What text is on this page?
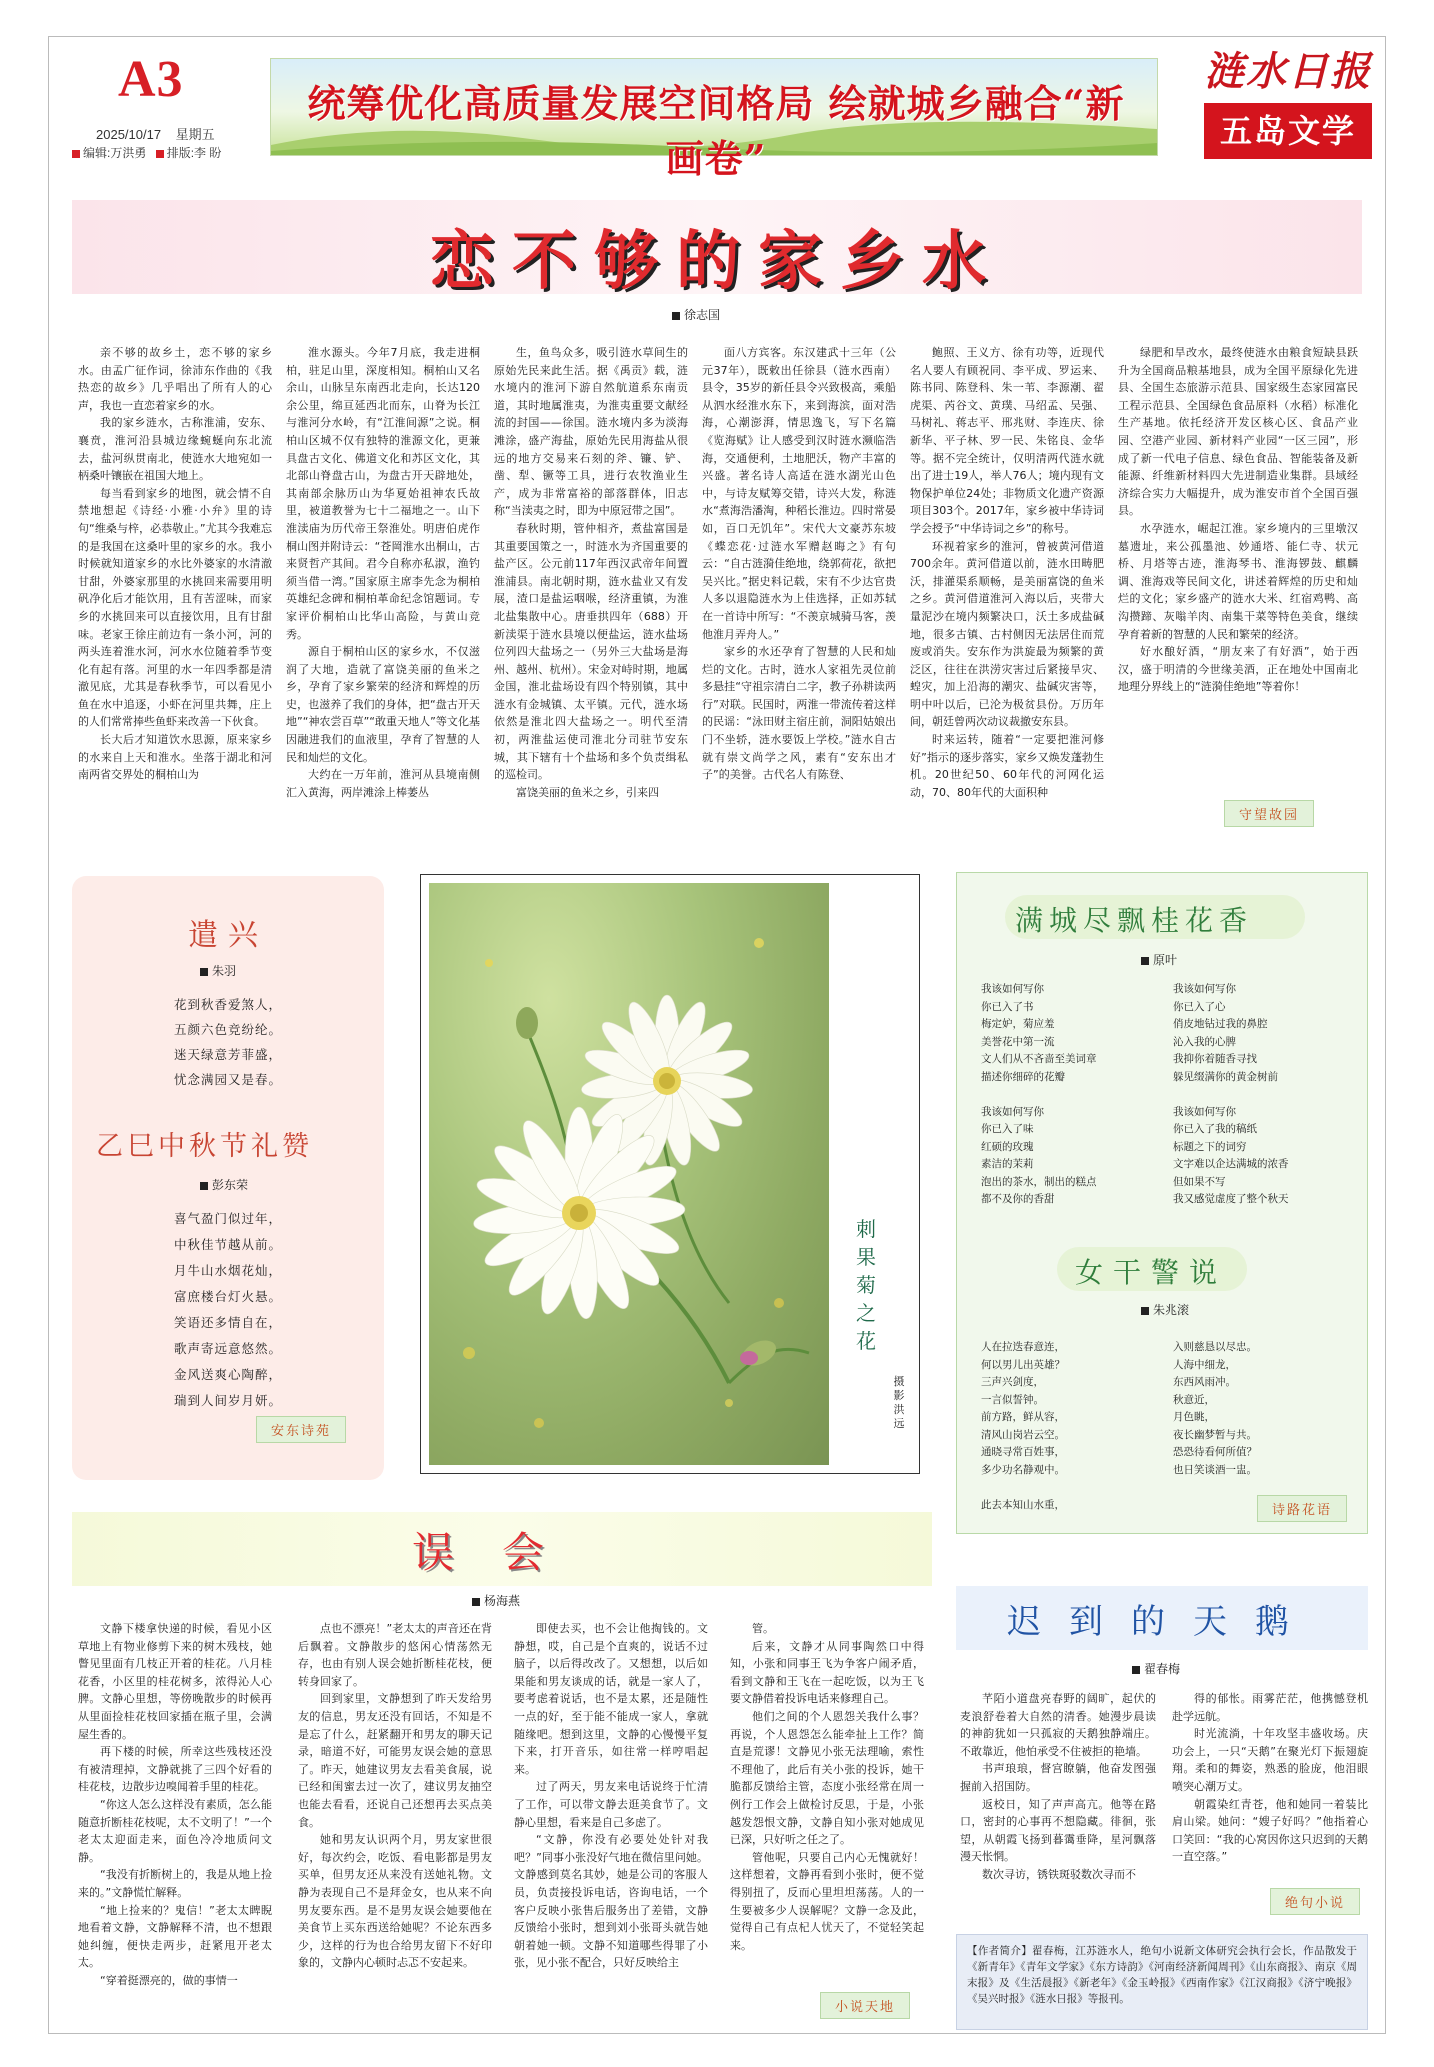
A3
2025/10/17 星期五
编辑:万洪勇 排版:李 盼
统筹优化高质量发展空间格局 绘就城乡融合“新画卷”
涟水日报
五岛文学
恋不够的家乡水
徐志国

亲不够的故乡土，恋不够的家乡水。由孟广征作词，徐沛东作曲的《我热恋的故乡》几乎唱出了所有人的心声，我也一直恋着家乡的水。

我的家乡涟水，古称淮浦，安东、襄贲，淮河沿县城边缘蜿蜒向东北流去，盐河纵贯南北，使涟水大地宛如一柄桑叶镶嵌在祖国大地上。

每当看到家乡的地图，就会情不自禁地想起《诗经·小雅·小弁》里的诗句“维桑与梓，必恭敬止。”尤其今我难忘的是我国在这桑叶里的家乡的水。我小时候就知道家乡的水比外婆家的水清澈甘甜，外婆家那里的水挑回来需要用明矾净化后才能饮用，且有苦涩味，而家乡的水挑回来可以直接饮用，且有甘甜味。老家王徐庄前边有一条小河，河的两头连着淮水河，河水水位随着季节变化有起有落。河里的水一年四季都是清澈见底，尤其是春秋季节，可以看见小鱼在水中追逐，小虾在河里共舞，庄上的人们常常捧些鱼虾来改善一下伙食。

长大后才知道饮水思源，原来家乡的水来自上天和淮水。坐落于湖北和河南两省交界处的桐柏山为

淮水源头。今年7月底，我走进桐柏，驻足山里，深度相知。桐柏山又名余山，山脉呈东南西北走向，长达120余公里，绵亘延西北而东，山脊为长江与淮河分水岭，有“江淮间源”之说。桐柏山区城不仅有独特的淮源文化，更兼具盘古文化、佛道文化和苏区文化，其北部山脊盘古山，为盘古开天辟地处，其南部余脉历山为华夏始祖神农氏故里，被道教誉为七十二福地之一。山下淮渎庙为历代帝王祭淮处。明唐伯虎作桐山图并附诗云：“苍岡淮水出桐山，古来贤哲产其间。君今自称亦私淑，渔钓须当借一湾。”国家原主席李先念为桐柏英雄纪念碑和桐柏革命纪念馆题词。专家评价桐柏山比华山高险，与黄山竞秀。

源自于桐柏山区的家乡水，不仅滋润了大地，造就了富饶美丽的鱼米之乡，孕育了家乡繁荣的经济和辉煌的历史，也滋养了我们的身体，把“盘古开天地”“神农尝百草”“敢重天地人”等文化基因融进我们的血液里，孕育了智慧的人民和灿烂的文化。

大约在一万年前，淮河从县境南侧汇入黄海，两岸滩涂上棒萎丛

生，鱼鸟众多，吸引涟水草间生的原始先民来此生活。据《禹贡》载，涟水境内的淮河下游自然航道系东南贡道，其时地属淮夷，为淮夷重要文献经流的封国——徐国。涟水境内多为淡海滩涂，盛产海盐，原始先民用海盐从很远的地方交易来石刻的斧、镰、铲、凿、犁、镢等工具，进行农牧渔业生产，成为非常富裕的部落群体，旧志称“当渎夷之时，即为中原冠带之国”。

春秋时期，管仲相齐，煮盐富国是其重要国策之一，时涟水为齐国重要的盐产区。公元前117年西汉武帝年间置淮浦县。南北朝时期，涟水盐业又有发展，渣口是盐运咽喉，经济重镇，为淮北盐集散中心。唐垂拱四年（688）开新渎渠于涟水县境以便盐运，涟水盐场位列四大盐场之一（另外三大盐场是海州、越州、杭州）。宋金对峙时期，地属金国，淮北盐场设有四个特别镇，其中涟水有金城镇、太平镇。元代，涟水场依然是淮北四大盐场之一。明代至清初，两淮盐运使司淮北分司驻节安东城，其下辖有十个盐场和多个负责缉私的巡检司。

富饶美丽的鱼米之乡，引来四

面八方宾客。东汉建武十三年（公元37年），既敕出任徐县（涟水西南）县令，35岁的新任县令兴致极高，乘船从泗水经淮水东下，来到海滨，面对浩海，心潮澎湃，情思逸飞，写下名篇《览海赋》让人感受到汉时涟水濒临浩海，交通便利，土地肥沃，物产丰富的兴盛。著名诗人高适在涟水湖光山色中，与诗友赋筹交错，诗兴大发，称涟水“煮海浩潘淘，种稻长淮边。四时常晏如，百口无饥年”。宋代大文豪苏东坡《蝶恋花·过涟水军赠赵晦之》有句云：“自古涟漪佳绝地，绕郭荷花，欲把吴兴比。”据史料记载，宋有不少达官贵人多以退隐涟水为上佳选择，正如苏轼在一首诗中所写：“不羡京城骑马客，羡他淮月弄舟人。”

家乡的水还孕育了智慧的人民和灿烂的文化。古时，涟水人家祖先灵位前多悬挂“守祖宗清白二字，教子孙耕读两行”对联。民国时，两淮一带流传着这样的民谣：“泳田财主宿庄前，洞阳姑娘出门不坐轿，涟水要饭上学校。”涟水自古就有崇文尚学之风，素有“安东出才子”的美誉。古代名人有陈登、

鲍照、王义方、徐有功等，近现代名人要人有顾祝同、李平成、罗运来、陈书同、陈登科、朱一苇、李源潮、翟虎渠、芮谷文、黄璞、马绍孟、吴强、马树礼、蒋志平、邢兆财、李连庆、徐新华、平子林、罗一民、朱铭良、金华等。据不完全统计，仅明清两代涟水就出了进士19人，举人76人；境内现有文物保护单位24处；非物质文化遗产资源项目303个。2017年，家乡被中华诗词学会授予“中华诗词之乡”的称号。

环视着家乡的淮河，曾被黄河借道700余年。黄河借道以前，涟水田畴肥沃，排灌渠系顺畅，是美丽富饶的鱼米之乡。黄河借道淮河入海以后，夹带大量泥沙在境内频繁决口，沃土多成盐碱地，很多古镇、古村侧因无法居住而荒废或消失。安东作为洪旋最为频繁的黄泛区，往往在洪涝灾害过后紧接旱灾、蝗灾，加上沿海的潮灾、盐碱灾害等，明中叶以后，已沦为极贫县份。万历年间，朝廷曾两次动议裁撤安东县。

时来运转，随着“一定要把淮河修好”指示的逐步落实，家乡又焕发蓬勃生机。20世纪50、60年代的河网化运动，70、80年代的大面积种

绿肥和旱改水，最终使涟水由粮食短缺县跃升为全国商品粮基地县，成为全国平原绿化先进县、全国生态旅游示范县、国家级生态家园富民工程示范县、全国绿色食品原料（水稻）标准化生产基地。依托经济开发区核心区、食品产业园、空港产业园、新材料产业园“一区三园”，形成了新一代电子信息、绿色食品、智能装备及新能源、纤维新材料四大先进制造业集群。县域经济综合实力大幅提升，成为淮安市首个全国百强县。

水孕涟水，崛起江淮。家乡境内的三里墩汉墓遗址，来公孤墨池、妙通塔、能仁寺、状元桥、月塔等古迹，淮海琴书、淮海锣鼓、麒麟调、淮海戏等民间文化，讲述着辉煌的历史和灿烂的文化；家乡盛产的涟水大米、红宿鸡鸭、高沟攒蹄、灰嗡羊肉、南集干菜等特色美食，继续孕育着新的智慧的人民和繁荣的经济。

好水酿好酒，“朋友来了有好酒”，始于西汉，盛于明清的今世缘美酒，正在地处中国南北地理分界线上的“涟漪佳绝地”等着你！

守望故园
遣兴
朱羽
花到秋香爱煞人，
五颜六色竞纷纶。
迷天绿意芳菲盛，
忧念满园又是春。
乙巳中秋节礼赞
彭东荣
喜气盈门似过年，
中秋佳节越从前。
月牛山水烟花灿，
富庶楼台灯火悬。
笑语还多情自在，
歌声寄远意悠然。
金风送爽心陶醉，
瑞到人间岁月妍。
安东诗苑
刺果菊之花
摄影 洪远
满城尽飘桂花香
原叶
我该如何写你
你已入了书
梅定妒，菊应羞
美誉花中第一流
文人们从不吝啬至美词章
描述你细碎的花瓣

我该如何写你
你已入了味
红硕的玫瑰
素洁的茉莉
泡出的茶水，制出的糕点
都不及你的香甜
我该如何写你
你已入了心
俏皮地钻过我的鼻腔
沁入我的心脾
我抑你着随香寻找
躲见缀满你的黄金树前

我该如何写你
你已入了我的稿纸
标题之下的词穷
文字难以企达满城的浓香
但如果不写
我又感觉虚度了整个秋天
女干警说
朱兆滚
人在拉迭春意连，
何以男儿出英雄？
三声兴剑度，
一言似誓钟。
前方路，鲜从容，
清风山岗岩云空。
通晓寻常百姓事，
多少功名静观中。

此去本知山水重，
入则慈恳以尽忠。
人海中细龙，
东西风雨冲。
秋意近，
月色眺，
夜长幽梦暂与共。
恐恐待看何所值？
也日笑谈酒一盅。
诗路花语
误会
杨海燕

文静下楼拿快递的时候，看见小区草地上有物业修剪下来的树木残枝，她瞥见里面有几枝正开着的桂花。八月桂花香，小区里的桂花树多，浓得沁人心脾。文静心里想，等傍晚散步的时候再从里面捡桂花枝回家插在瓶子里，会满屋生香的。

再下楼的时候，所幸这些残枝还没有被清理掉，文静就挑了三四个好看的桂花枝，边散步边嗅闻着手里的桂花。

“你这人怎么这样没有素质，怎么能随意折断桂花枝呢，太不文明了！”一个老太太迎面走来，面色冷冷地质问文静。

“我没有折断树上的，我是从地上捡来的。”文静慌忙解释。

“地上捡来的？鬼信！”老太太睥睨地看着文静，文静解释不清，也不想跟她纠缠，便快走两步，赶紧甩开老太太。

“穿着挺漂亮的，做的事情一

点也不漂亮！”老太太的声音还在背后飘着。文静散步的悠闲心情荡然无存，也由有别人误会她折断桂花枝，便转身回家了。

回到家里，文静想到了昨天发给男友的信息，男友还没有回话，不知是不是忘了什么，赶紧翻开和男友的聊天记录，暗道不好，可能男友误会她的意思了。昨天，她建议男友去看美食展，说已经和闺蜜去过一次了，建议男友抽空也能去看看，还说自己还想再去买点美食。

她和男友认识两个月，男友家世很好，每次约会，吃饭、看电影都是男友买单，但男友还从来没有送她礼物。文静为表现自己不是拜金女，也从来不向男友要东西。是不是男友误会她要他在美食节上买东西送给她呢？不论东西多少，这样的行为也合给男友留下不好印象的，文静内心顿时忐忑不安起来。

即使去买，也不会让他掏钱的。文静想，哎，自己是个直爽的，说话不过脑子，以后得改改了。又想想，以后如果能和男友谈成的话，就是一家人了，要考虑着说话，也不是太累，还是随性一点的好，至于能不能成一家人，拿就随缘吧。想到这里，文静的心慢慢平复下来，打开音乐，如往常一样哼唱起来。

过了两天，男友来电话说终于忙清了工作，可以带文静去逛美食节了。文静心里想，看来是自己多虑了。

“文静，你没有必要处处针对我吧？”同事小张没好气地在微信里问她。文静感到莫名其妙，她是公司的客服人员，负责接投诉电话，咨询电话，一个客户反映小张售后服务出了差错，文静反馈给小张时，想到刘小张哥头就告她朝着她一顿。文静不知道哪些得罪了小张，见小张不配合，只好反映给主

管。

后来，文静才从同事陶然口中得知，小张和同事王飞为争客户闹矛盾，看到文静和王飞在一起吃饭，以为王飞要文静借着投诉电话来修理自己。

他们之间的个人恩怨关我什么事？再说，个人恩怨怎么能牵扯上工作？简直是荒谬！文静见小张无法理喻，索性不理他了，此后有关小张的投诉，她干脆都反馈给主管，态度小张经常在周一例行工作会上做检讨反思，于是，小张越发怨恨文静，文静自知小张对她成见已深，只好听之任之了。

管他呢，只要自己内心无愧就好！这样想着，文静再看到小张时，便不觉得别扭了，反而心里坦坦荡荡。人的一生要被多少人误解呢？文静一念及此，觉得自己有点杞人忧天了，不觉轻笑起来。

小说天地
迟到的天鹅
翟春梅

芊陌小道盘亮春野的阔旷，起伏的麦浪舒卷着大自然的清香。她漫步晨读的神韵犹如一只孤寂的天鹅独静端庄。不敢靠近，他怕承受不住被拒的艳墙。

书声琅琅，督宫瞭躺，他奋发图强握前入招国防。

返校日，知了声声高亢。他等在路口，密封的心事再不想隐藏。徘徊，张望，从朝霞飞扬到暮霭垂降，星河飘落漫天怅惘。

数次寻访，锈铁斑驳数次寻而不

得的郁怅。雨雾茫茫，他携憾登机赴学远航。

时光流淌，十年攻坚丰盛收场。庆功会上，一只“天鹅”在聚光灯下振翅旋翔。柔和的舞姿，熟悉的脸庞，他泪眼喷突心潮万丈。

朝霞染红青苍，他和她同一着装比肩山梁。她问：“嫂子好吗？”他指着心口笑回：“我的心窝因你这只迟到的天鹅一直空落。”

绝句小说
【作者简介】翟春梅，江苏涟水人，绝句小说新文体研究会执行会长，作品散发于《新青年》《青年文学家》《东方诗韵》《河南经济新闻周刊》《山东商报》、南京《周末报》及《生活晨报》《新老年》《金玉岭报》《西南作家》《江汉商报》《济宁晚报》《吴兴时报》《涟水日报》等报刊。
